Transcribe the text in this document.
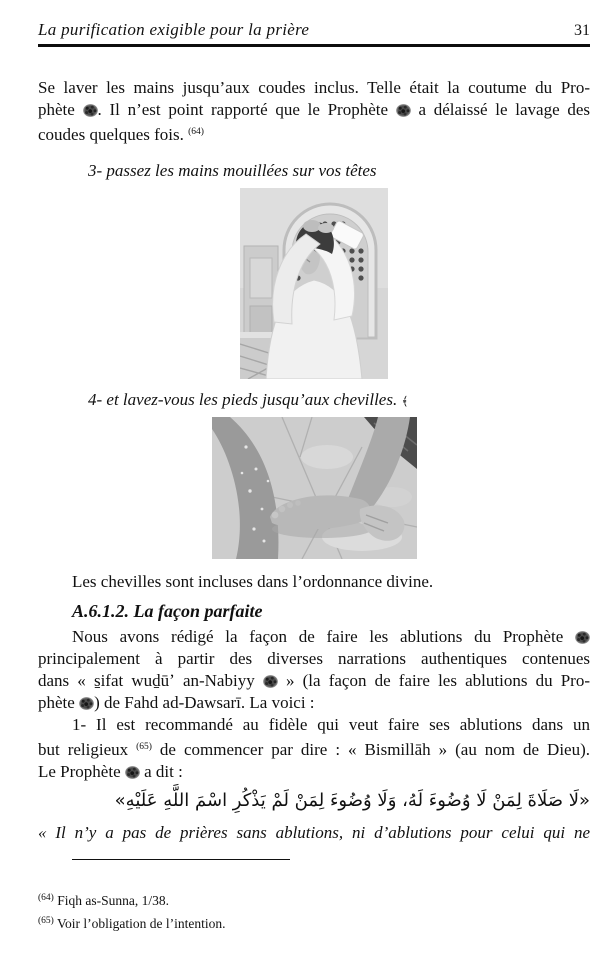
La purification exigible pour la prière	31
Se laver les mains jusqu’aux coudes inclus. Telle était la coutume du Pro-
phète . Il n’est point rapporté que le Prophète  a délaissé le lavage des
coudes quelques fois. $^{(64)}$
3- passez les mains mouillées sur vos têtes
4- et lavez-vous les pieds jusqu’aux chevilles. ﴾
Les chevilles sont incluses dans l’ordonnance divine.
A.6.1.2. La façon parfaite
Nous avons rédigé la façon de faire les ablutions du Prophète
principalement à partir des diverses narrations authentiques contenues
dans « s̱ifat wuḏūʼ an-Nabiyy  » (la façon de faire les ablutions du Pro-
phète ) de Fahd ad-Dawsarī. La voici :
1- Il est recommandé au fidèle qui veut faire ses ablutions dans un
but religieux $^{(65)}$ de commencer par dire : « Bismillāh » (au nom de Dieu).
Le Prophète  a dit :
«لَا صَلَاةَ لِمَنْ لَا وُضُوءَ لَهُ، وَلَا وُضُوءَ لِمَنْ لَمْ يَذْكُرِ اسْمَ اللَّهِ عَلَيْهِ»
« Il n’y a pas de prières sans ablutions, ni d’ablutions pour celui qui ne
$^{(64)}$ Fiqh as-Sunna, 1/38.
$^{(65)}$ Voir l’obligation de l’intention.
